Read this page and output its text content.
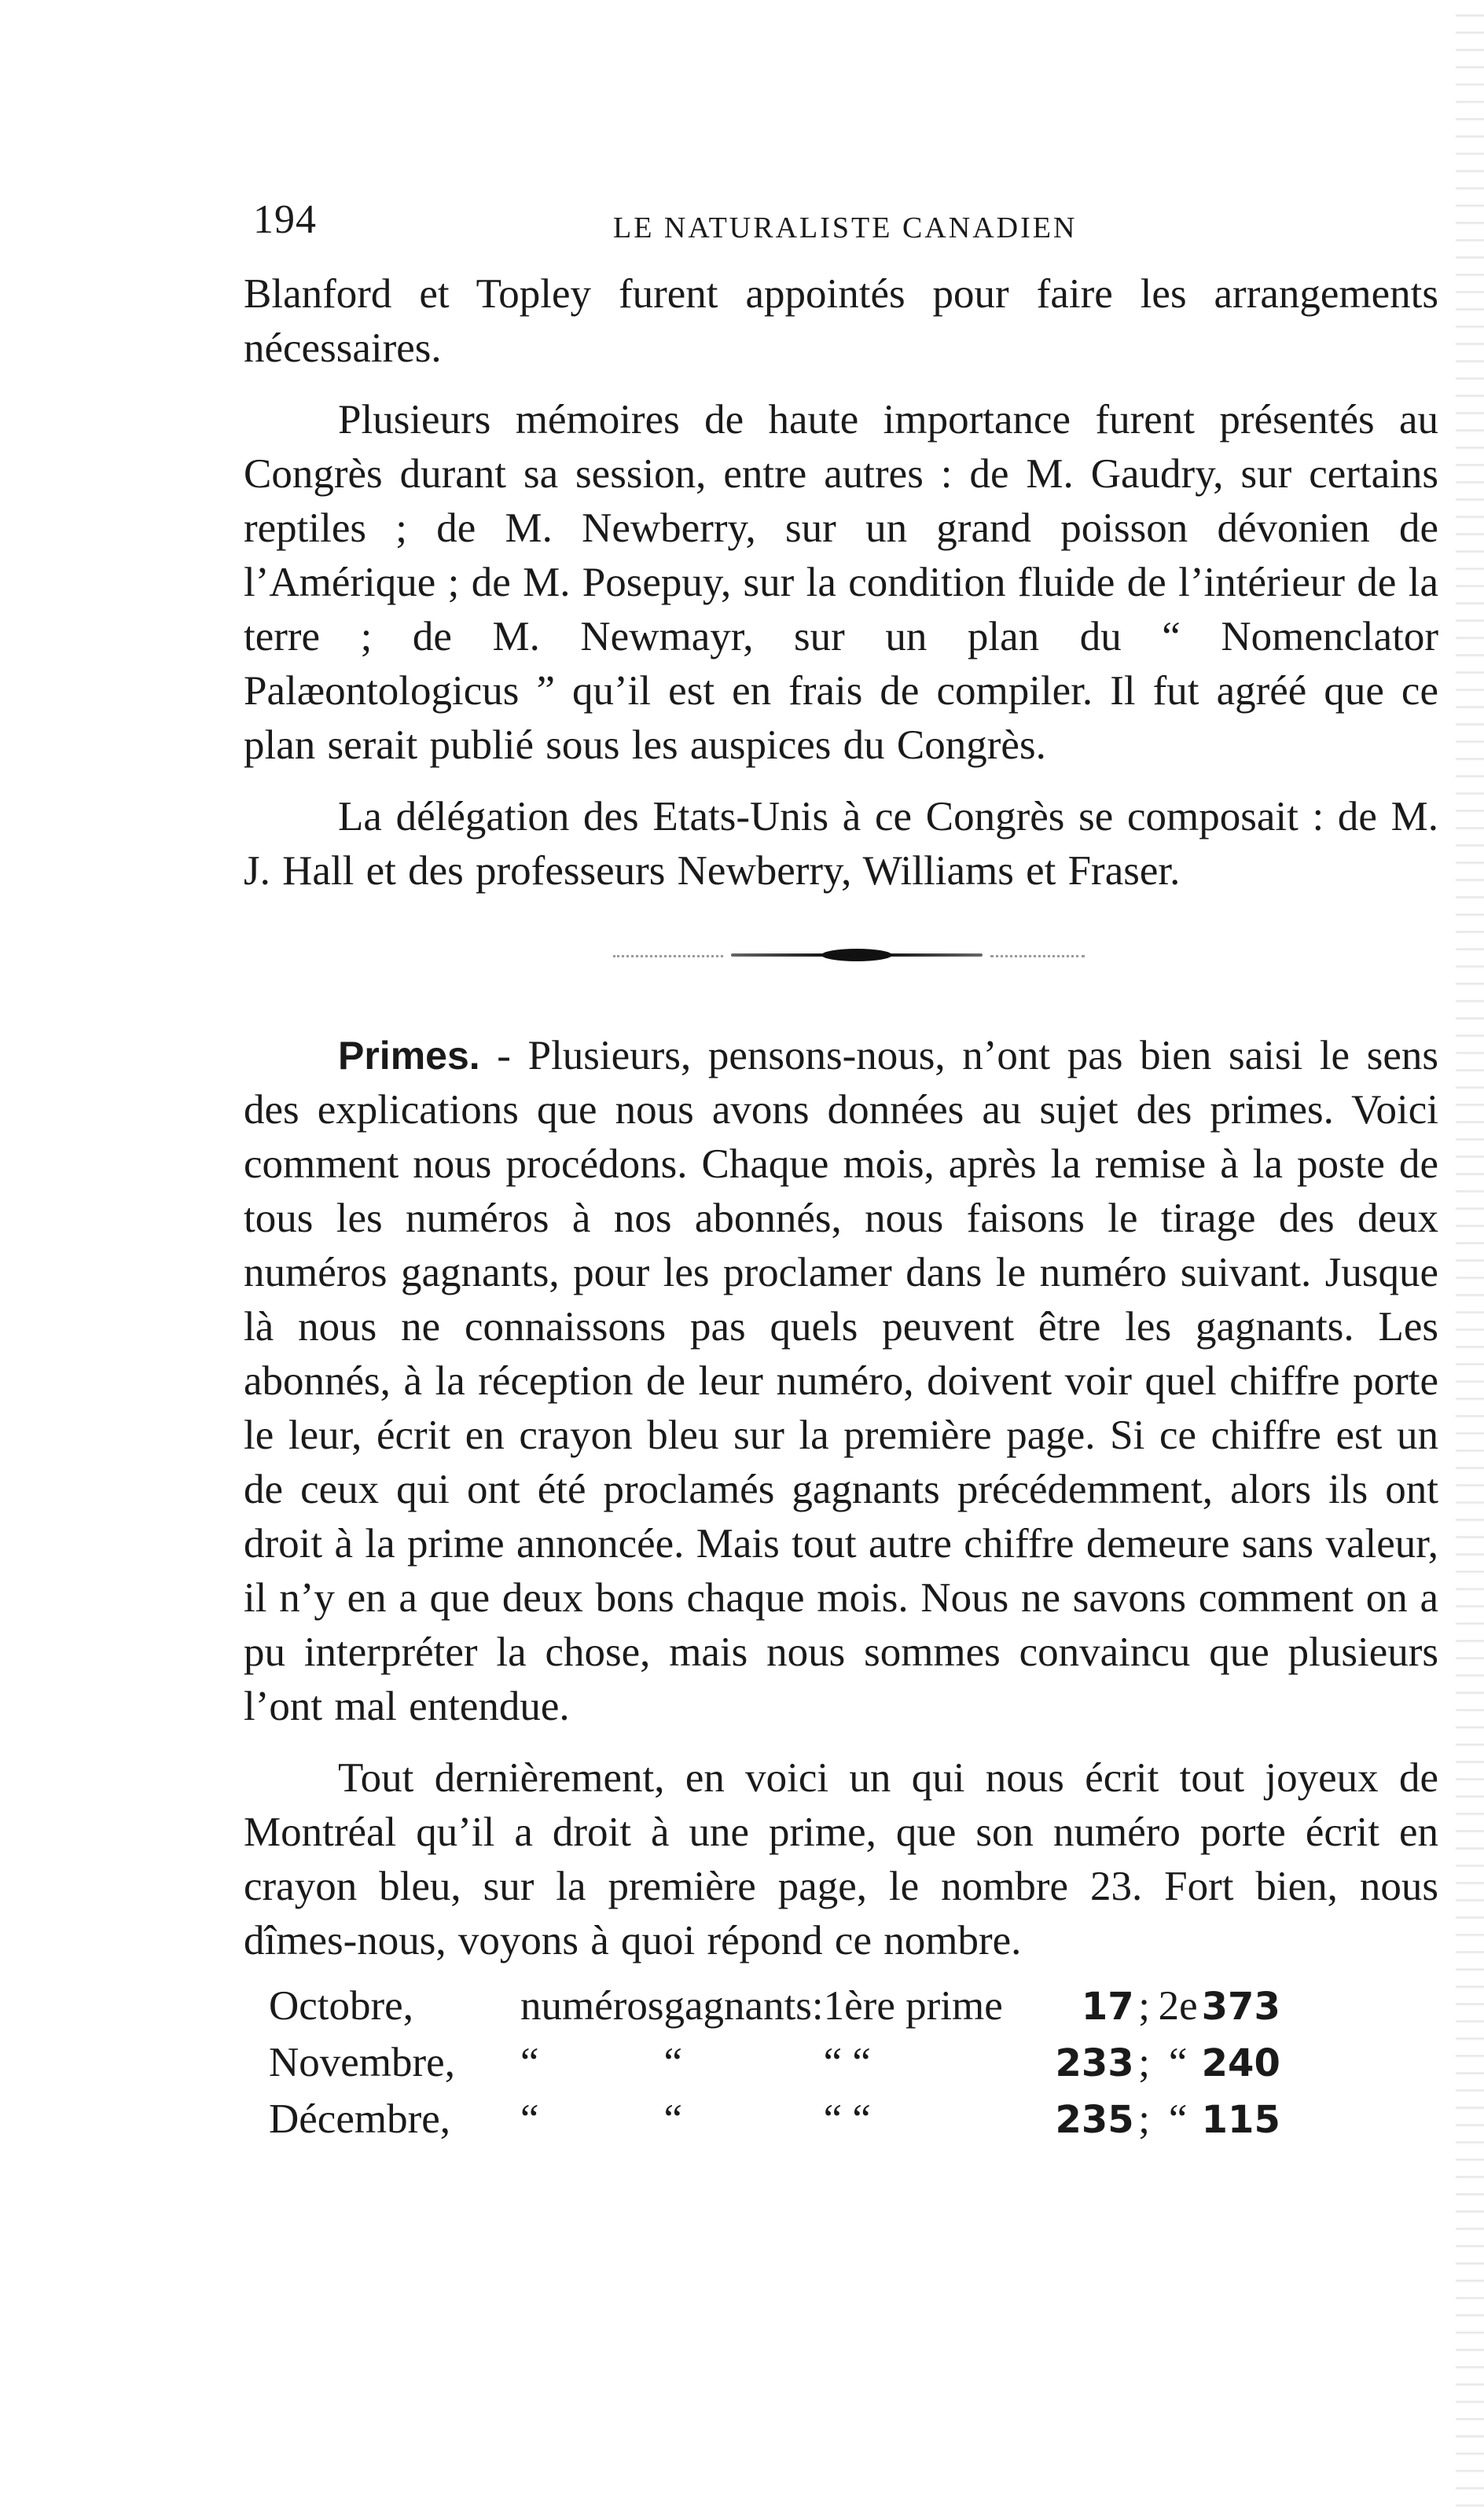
194	LE NATURALISTE CANADIEN

Blanford et Topley furent appointés pour faire les arrangements nécessaires.

Plusieurs mémoires de haute importance furent présentés au Congrès durant sa session, entre autres : de M. Gaudry, sur certains reptiles ; de M. Newberry, sur un grand poisson dévonien de l’Amérique ; de M. Posepuy, sur la condition fluide de l’intérieur de la terre ; de M. Newmayr, sur un plan du “ Nomenclator Palæontologicus ” qu’il est en frais de compiler. Il fut agréé que ce plan serait publié sous les auspices du Congrès.

La délégation des Etats-Unis à ce Congrès se composait : de M. J. Hall et des professeurs Newberry, Williams et Fraser.

Primes. - Plusieurs, pensons-nous, n’ont pas bien saisi le sens des explications que nous avons données au sujet des primes. Voici comment nous procédons. Chaque mois, après la remise à la poste de tous les numéros à nos abonnés, nous faisons le tirage des deux numéros gagnants, pour les proclamer dans le numéro suivant. Jusque là nous ne connaissons pas quels peuvent être les gagnants. Les abonnés, à la réception de leur numéro, doivent voir quel chiffre porte le leur, écrit en crayon bleu sur la première page. Si ce chiffre est un de ceux qui ont été proclamés gagnants précédemment, alors ils ont droit à la prime annoncée. Mais tout autre chiffre demeure sans valeur, il n’y en a que deux bons chaque mois. Nous ne savons comment on a pu interpréter la chose, mais nous sommes convaincu que plusieurs l’ont mal entendue.

Tout dernièrement, en voici un qui nous écrit tout joyeux de Montréal qu’il a droit à une prime, que son numéro porte écrit en crayon bleu, sur la première page, le nombre 23. Fort bien, nous dîmes-nous, voyons à quoi répond ce nombre.

Octobre,	numéros	gagnants:	1ère prime	17	;	2e	373
Novembre,	“	“	“ “	233	;	“	240
Décembre,	“	“	“ “	235	;	“	115
